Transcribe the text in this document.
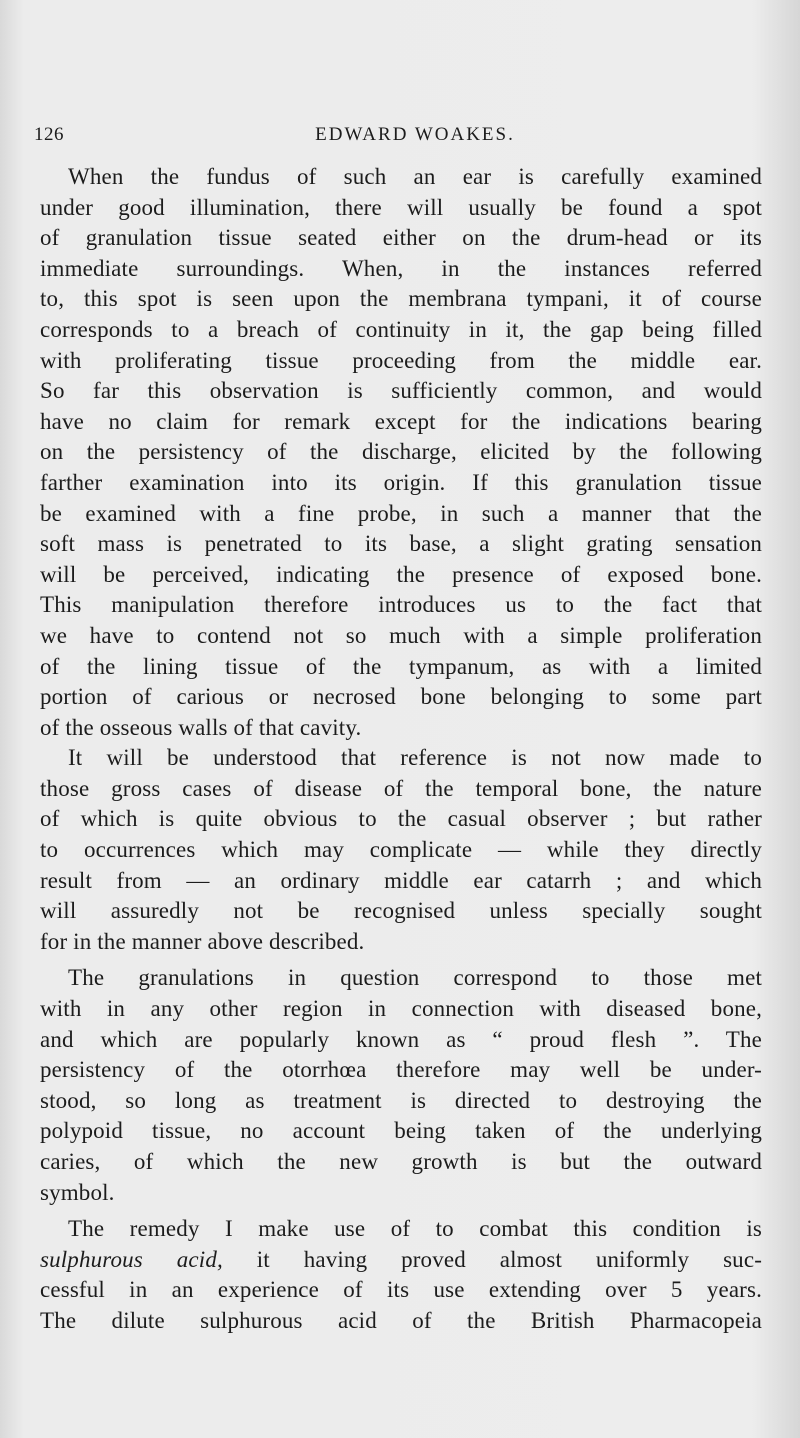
126	EDWARD WOAKES.
When the fundus of such an ear is carefully examined
under good illumination, there will usually be found a spot
of granulation tissue seated either on the drum-head or its
immediate surroundings. When, in the instances referred
to, this spot is seen upon the membrana tympani, it of course
corresponds to a breach of continuity in it, the gap being filled
with proliferating tissue proceeding from the middle ear.
So far this observation is sufficiently common, and would
have no claim for remark except for the indications bearing
on the persistency of the discharge, elicited by the following
farther examination into its origin. If this granulation tissue
be examined with a fine probe, in such a manner that the
soft mass is penetrated to its base, a slight grating sensation
will be perceived, indicating the presence of exposed bone.
This manipulation therefore introduces us to the fact that
we have to contend not so much with a simple proliferation
of the lining tissue of the tympanum, as with a limited
portion of carious or necrosed bone belonging to some part
of the osseous walls of that cavity.
It will be understood that reference is not now made to
those gross cases of disease of the temporal bone, the nature
of which is quite obvious to the casual observer ; but rather
to occurrences which may complicate — while they directly
result from — an ordinary middle ear catarrh ; and which
will assuredly not be recognised unless specially sought
for in the manner above described.
The granulations in question correspond to those met
with in any other region in connection with diseased bone,
and which are popularly known as “ proud flesh ”. The
persistency of the otorrhœa therefore may well be under-
stood, so long as treatment is directed to destroying the
polypoid tissue, no account being taken of the underlying
caries, of which the new growth is but the outward
symbol.
The remedy I make use of to combat this condition is
sulphurous acid, it having proved almost uniformly suc-
cessful in an experience of its use extending over 5 years.
The dilute sulphurous acid of the British Pharmacopeia
